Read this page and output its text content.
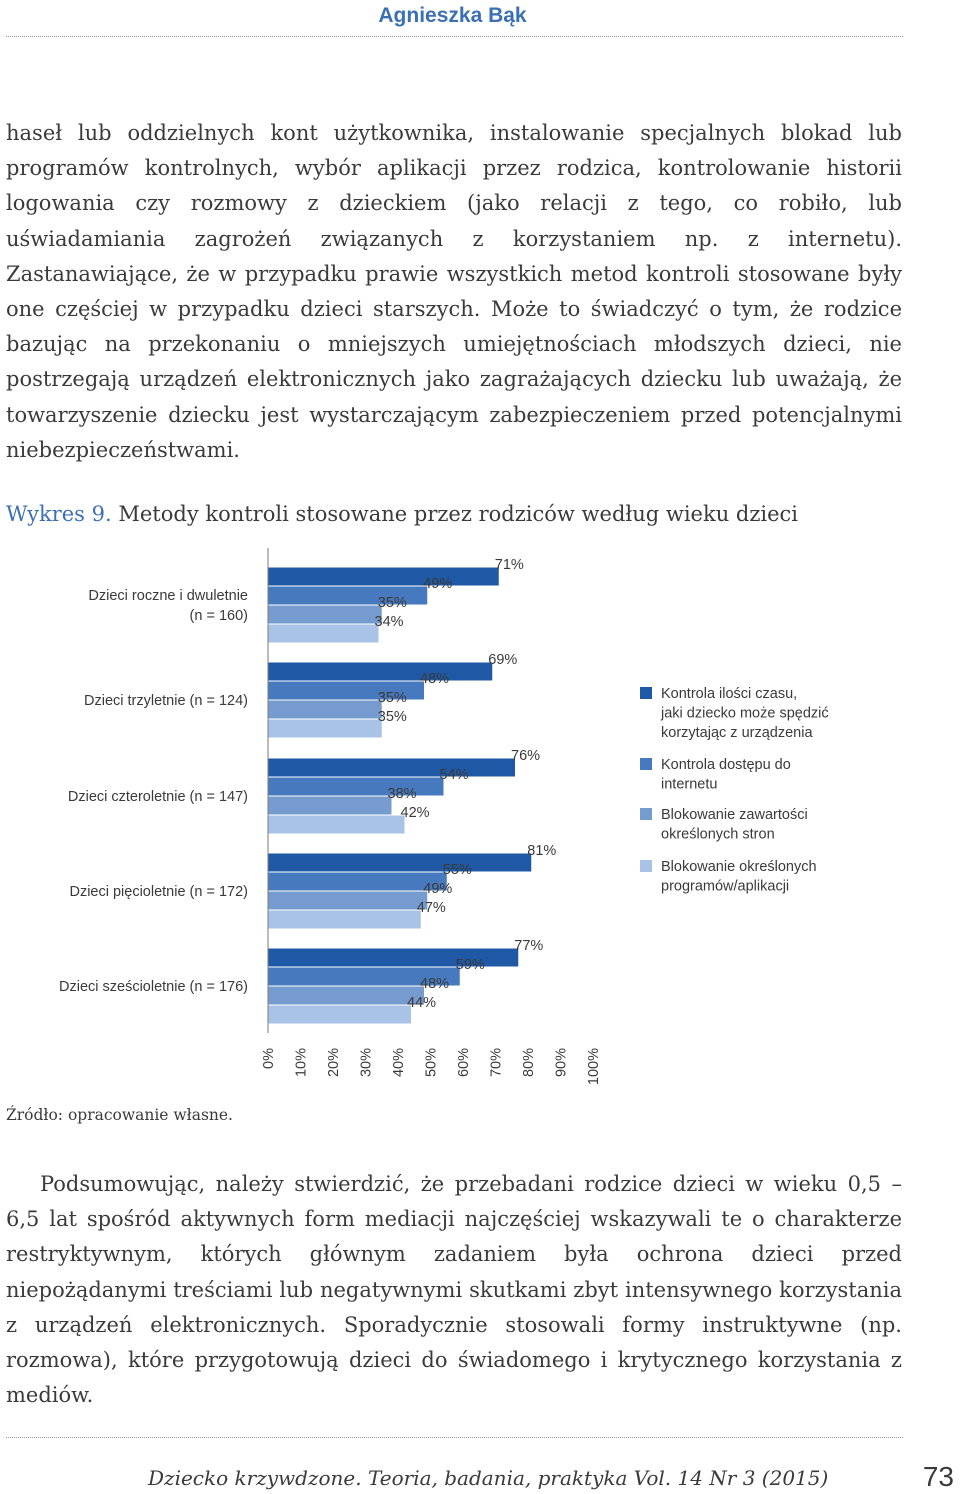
Agnieszka Bąk

haseł lub oddzielnych kont użytkownika, instalowanie specjalnych blokad lub programów kontrolnych, wybór aplikacji przez rodzica, kontrolowanie historii logowania czy rozmowy z dzieckiem (jako relacji z tego, co robiło, lub uświadamiania zagrożeń związanych z korzystaniem np. z internetu). Zastanawiające, że w przypadku prawie wszystkich metod kontroli stosowane były one częściej w przypadku dzieci starszych. Może to świadczyć o tym, że rodzice bazując na przekonaniu o mniejszych umiejętnościach młodszych dzieci, nie postrzegają urządzeń elektronicznych jako zagrażających dziecku lub uważają, że towarzyszenie dziecku jest wystarczającym zabezpieczeniem przed potencjalnymi niebezpieczeństwami.

Wykres 9. Metody kontroli stosowane przez rodziców według wieku dzieci
Dzieci roczne i dwuletnie
(n = 160)
Dzieci trzyletnie (n = 124)
Dzieci czteroletnie (n = 147)
Dzieci pięcioletnie (n = 172)
Dzieci sześcioletnie (n = 176)
71%
69%
76%
81%
77%
49%
48%
54%
55%
59%
35%
35%
38%
49%
48%
34%
35%
42%
47%
44%
0% 10% 20% 30% 40% 50% 60% 70% 80% 90% 100%
Kontrola ilości czasu,
jaki dziecko może spędzić
korzytając z urządzenia
Kontrola dostępu do
internetu
Blokowanie zawartości
określonych stron
Blokowanie określonych
programów/aplikacji
Źródło: opracowanie własne.

Podsumowując, należy stwierdzić, że przebadani rodzice dzieci w wieku 0,5 – 6,5 lat spośród aktywnych form mediacji najczęściej wskazywali te o charakterze restryktywnym, których głównym zadaniem była ochrona dzieci przed niepożądanymi treściami lub negatywnymi skutkami zbyt intensywnego korzystania z urządzeń elektronicznych. Sporadycznie stosowali formy instruktywne (np. rozmowa), które przygotowują dzieci do świadomego i krytycznego korzystania z mediów.

Dziecko krzywdzone. Teoria, badania, praktyka Vol. 14 Nr 3 (2015)	73
